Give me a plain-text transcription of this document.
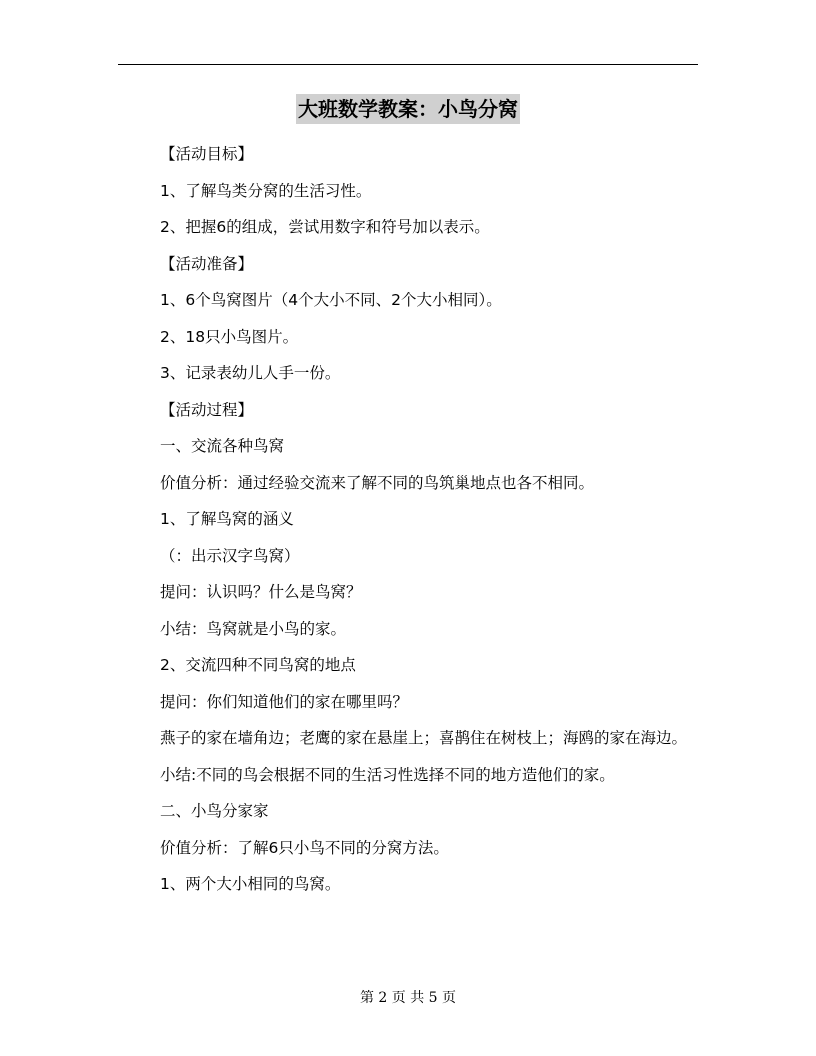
大班数学教案：小鸟分窝

【活动目标】

1、了解鸟类分窝的生活习性。

2、把握6的组成，尝试用数字和符号加以表示。

【活动准备】

1、6个鸟窝图片（4个大小不同、2个大小相同）。

2、18只小鸟图片。

3、记录表幼儿人手一份。

【活动过程】

一、交流各种鸟窝

价值分析：通过经验交流来了解不同的鸟筑巢地点也各不相同。

1、了解鸟窝的涵义

（：出示汉字鸟窝）

提问：认识吗？什么是鸟窝？

小结：鸟窝就是小鸟的家。

2、交流四种不同鸟窝的地点

提问：你们知道他们的家在哪里吗？

燕子的家在墙角边；老鹰的家在悬崖上；喜鹊住在树枝上；海鸥的家在海边。

小结:不同的鸟会根据不同的生活习性选择不同的地方造他们的家。

二、小鸟分家家

价值分析：了解6只小鸟不同的分窝方法。

1、两个大小相同的鸟窝。

第 2 页 共 5 页
